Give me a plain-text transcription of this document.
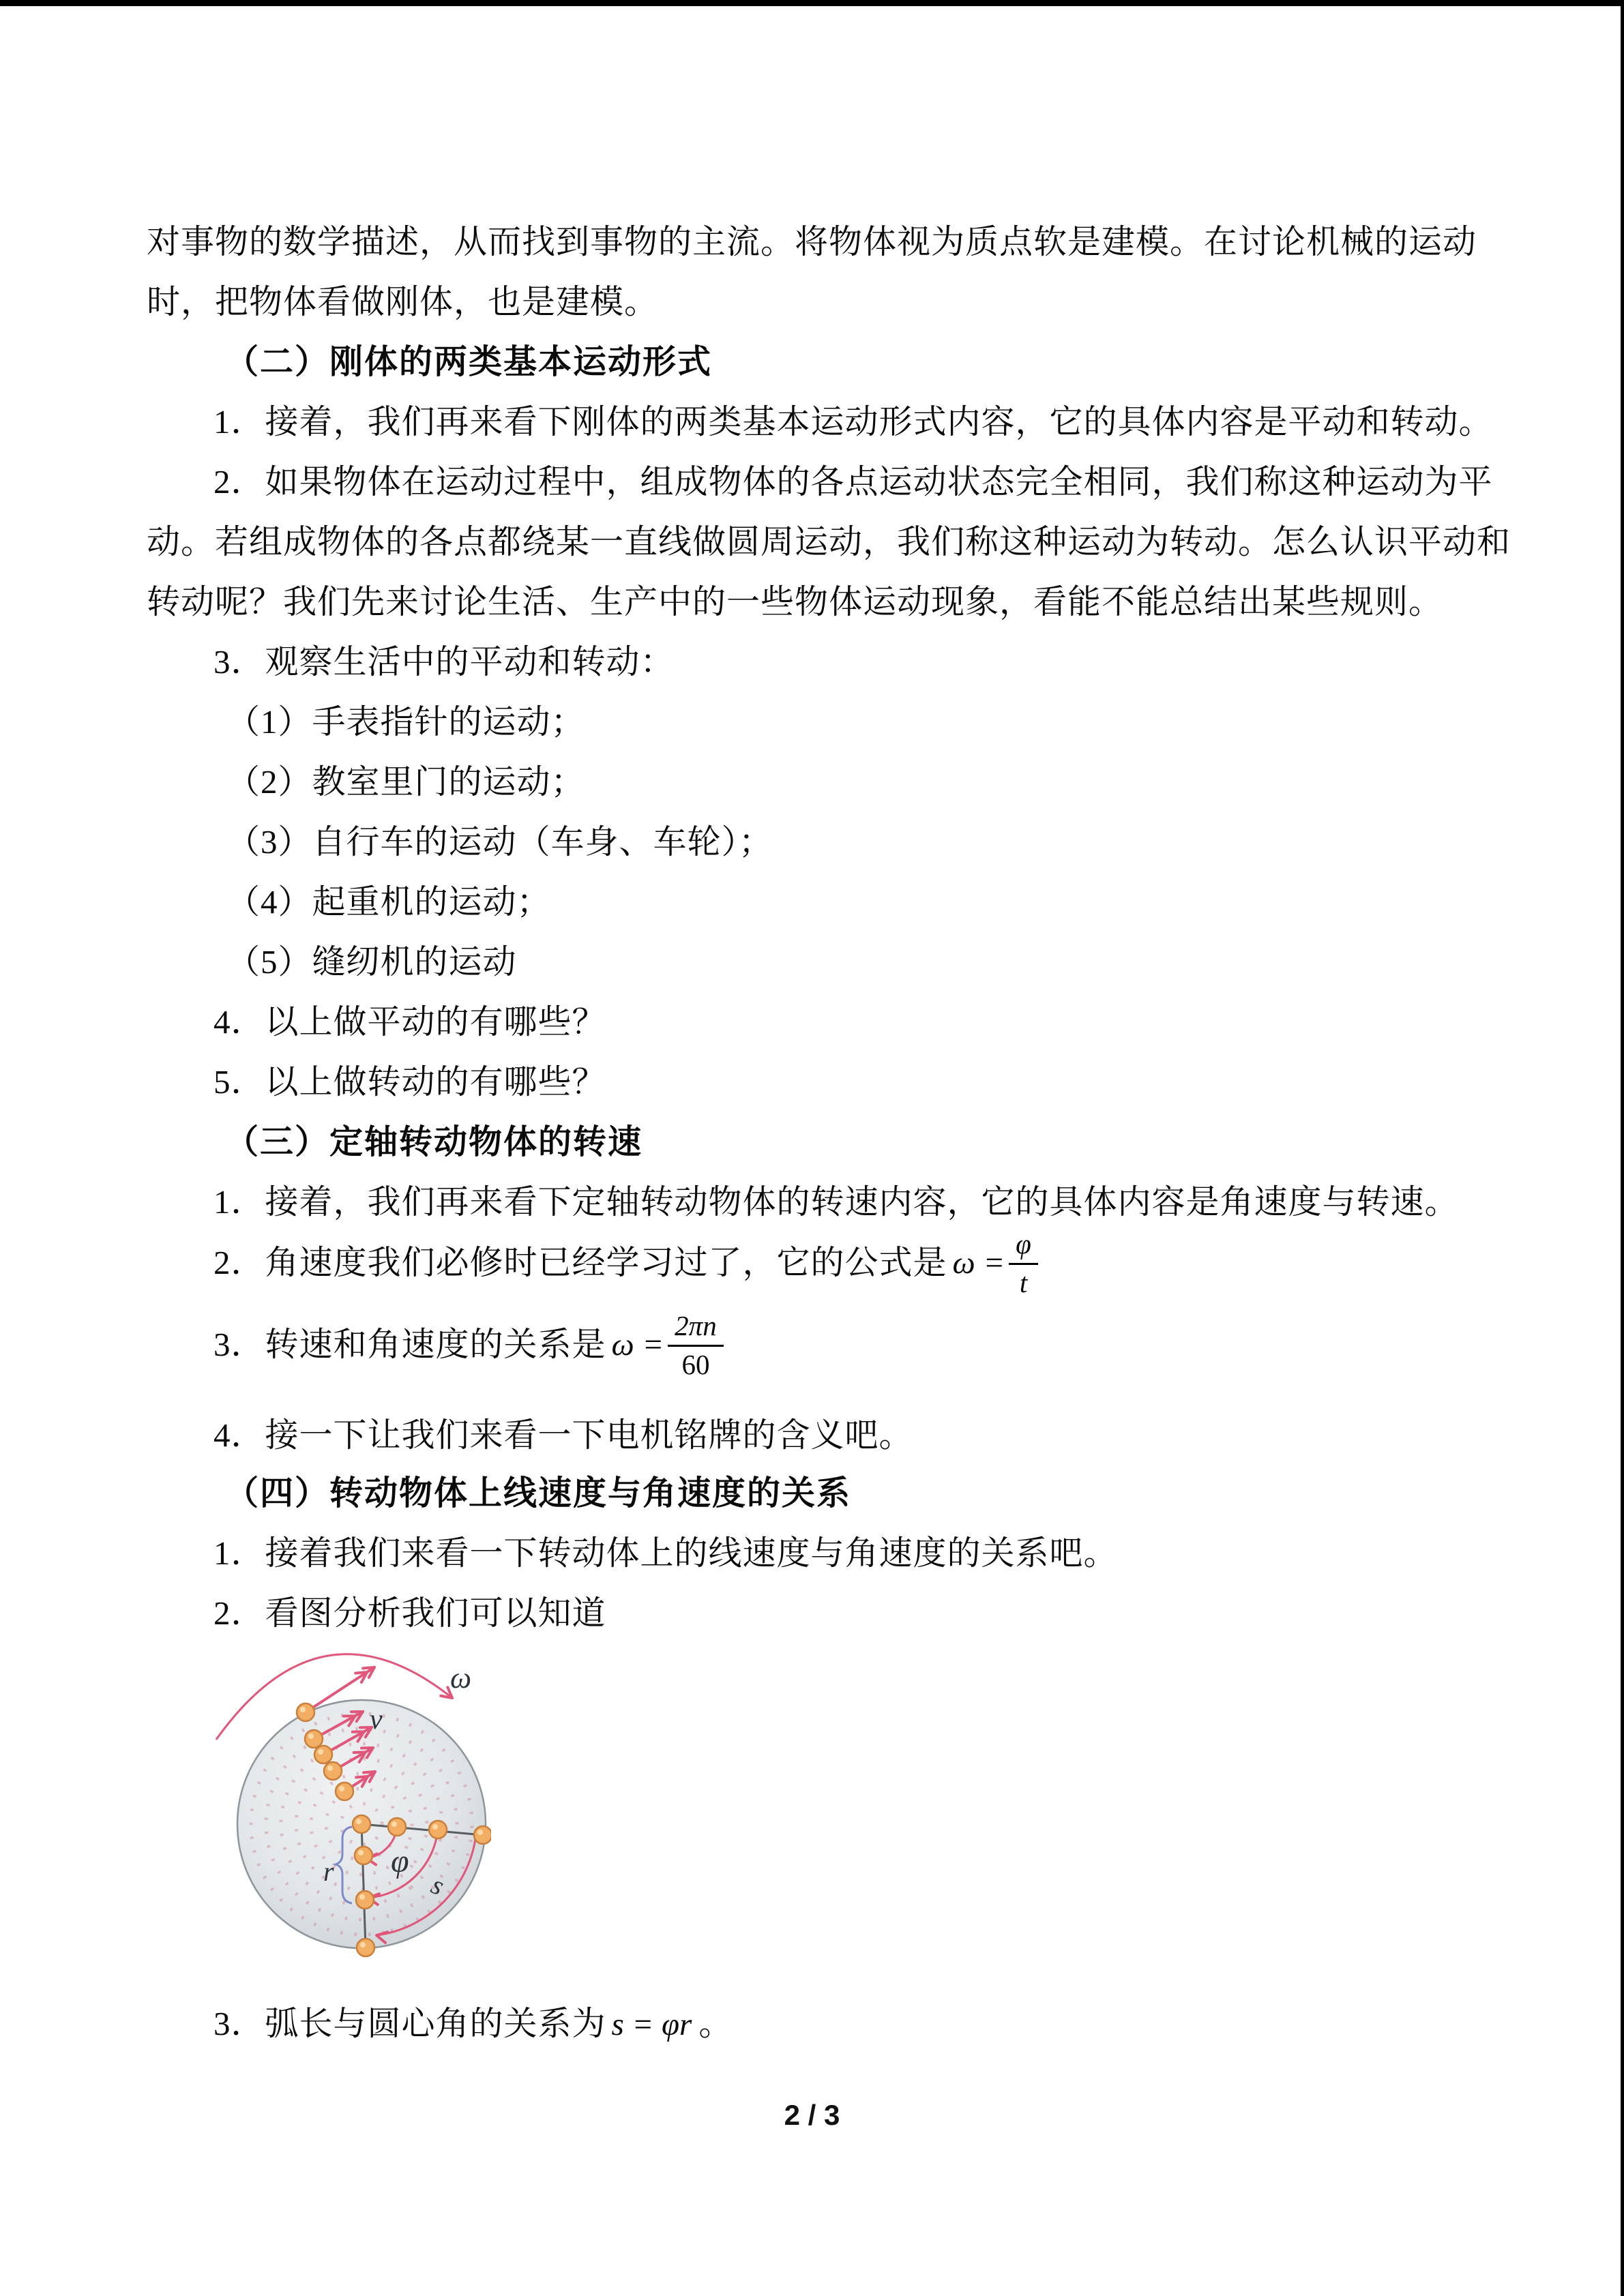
对事物的数学描述，从而找到事物的主流。将物体视为质点软是建模。在讨论机械的运动
时，把物体看做刚体，也是建模。
（二）刚体的两类基本运动形式
1．接着，我们再来看下刚体的两类基本运动形式内容，它的具体内容是平动和转动。
2．如果物体在运动过程中，组成物体的各点运动状态完全相同，我们称这种运动为平
动。若组成物体的各点都绕某一直线做圆周运动，我们称这种运动为转动。怎么认识平动和
转动呢？我们先来讨论生活、生产中的一些物体运动现象，看能不能总结出某些规则。
3．观察生活中的平动和转动：
（1）手表指针的运动；
（2）教室里门的运动；
（3）自行车的运动（车身、车轮）；
（4）起重机的运动；
（5）缝纫机的运动
4．以上做平动的有哪些？
5．以上做转动的有哪些？
（三）定轴转动物体的转速
1．接着，我们再来看下定轴转动物体的转速内容，它的具体内容是角速度与转速。
2．角速度我们必修时已经学习过了，它的公式是 $\omega = \frac{\varphi}{t}$
3．转速和角速度的关系是 $\omega = \frac{2\pi n}{60}$
4．接一下让我们来看一下电机铭牌的含义吧。
（四）转动物体上线速度与角速度的关系
1．接着我们来看一下转动体上的线速度与角速度的关系吧。
2．看图分析我们可以知道
3．弧长与圆心角的关系为 s = φr 。
ω
v
r φ
s
2 / 3
